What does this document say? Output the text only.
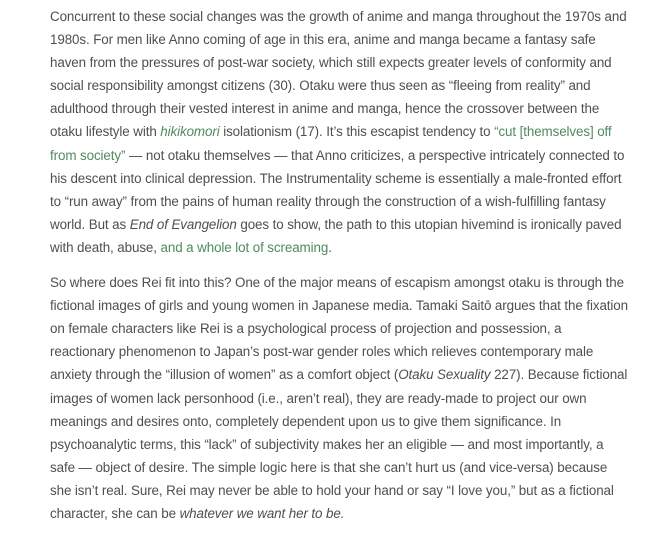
Concurrent to these social changes was the growth of anime and manga throughout the 1970s and 1980s. For men like Anno coming of age in this era, anime and manga became a fantasy safe haven from the pressures of post-war society, which still expects greater levels of conformity and social responsibility amongst citizens (30). Otaku were thus seen as “fleeing from reality” and adulthood through their vested interest in anime and manga, hence the crossover between the otaku lifestyle with hikikomori isolationism (17). It’s this escapist tendency to “cut [themselves] off from society” — not otaku themselves — that Anno criticizes, a perspective intricately connected to his descent into clinical depression. The Instrumentality scheme is essentially a male-fronted effort to “run away” from the pains of human reality through the construction of a wish-fulfilling fantasy world. But as End of Evangelion goes to show, the path to this utopian hivemind is ironically paved with death, abuse, and a whole lot of screaming.

So where does Rei fit into this? One of the major means of escapism amongst otaku is through the fictional images of girls and young women in Japanese media. Tamaki Saitō argues that the fixation on female characters like Rei is a psychological process of projection and possession, a reactionary phenomenon to Japan’s post-war gender roles which relieves contemporary male anxiety through the “illusion of women” as a comfort object (Otaku Sexuality 227). Because fictional images of women lack personhood (i.e., aren’t real), they are ready-made to project our own meanings and desires onto, completely dependent upon us to give them significance. In psychoanalytic terms, this “lack” of subjectivity makes her an eligible — and most importantly, a safe — object of desire. The simple logic here is that she can’t hurt us (and vice-versa) because she isn’t real. Sure, Rei may never be able to hold your hand or say “I love you,” but as a fictional character, she can be whatever we want her to be.
